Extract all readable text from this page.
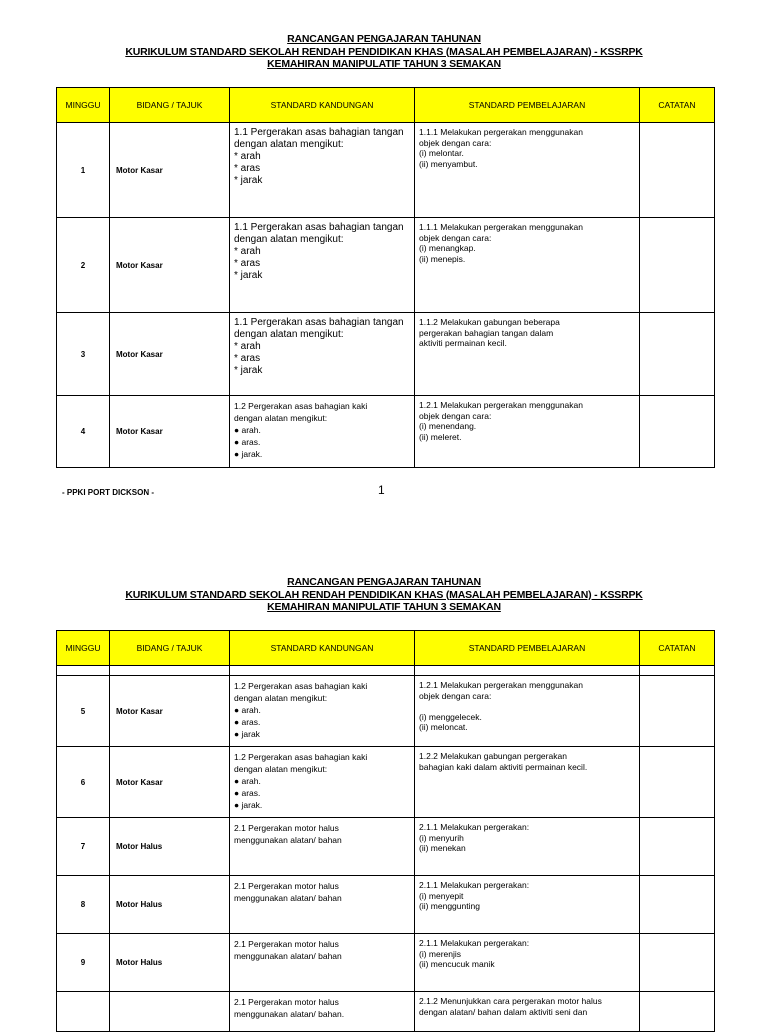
RANCANGAN PENGAJARAN TAHUNAN
KURIKULUM STANDARD SEKOLAH RENDAH PENDIDIKAN KHAS (MASALAH PEMBELAJARAN) - KSSRPK
KEMAHIRAN MANIPULATIF TAHUN 3 SEMAKAN
MINGGU	BIDANG / TAJUK	STANDARD KANDUNGAN	STANDARD PEMBELAJARAN	CATATAN
1	Motor Kasar	1.1 Pergerakan asas bahagian tangan
dengan alatan mengikut:
* arah
* aras
* jarak	1.1.1 Melakukan pergerakan menggunakan
objek dengan cara:
(i) melontar.
(ii) menyambut.	

2	Motor Kasar	1.1 Pergerakan asas bahagian tangan
dengan alatan mengikut:
* arah
* aras
* jarak	1.1.1 Melakukan pergerakan menggunakan
objek dengan cara:
(i) menangkap.
(ii) menepis.	

3	Motor Kasar	1.1 Pergerakan asas bahagian tangan
dengan alatan mengikut:
* arah
* aras
* jarak	1.1.2 Melakukan gabungan beberapa
pergerakan bahagian tangan dalam
aktiviti permainan kecil.	

4	Motor Kasar	1.2 Pergerakan asas bahagian kaki
dengan alatan mengikut:
● arah.
● aras.
● jarak.	1.2.1 Melakukan pergerakan menggunakan
objek dengan cara:
(i) menendang.
(ii) meleret.	

- PPKI PORT DICKSON -	1
RANCANGAN PENGAJARAN TAHUNAN
KURIKULUM STANDARD SEKOLAH RENDAH PENDIDIKAN KHAS (MASALAH PEMBELAJARAN) - KSSRPK
KEMAHIRAN MANIPULATIF TAHUN 3 SEMAKAN
MINGGU	BIDANG / TAJUK	STANDARD KANDUNGAN	STANDARD PEMBELAJARAN	CATATAN

5	Motor Kasar	1.2 Pergerakan asas bahagian kaki
dengan alatan mengikut:
● arah.
● aras.
● jarak	1.2.1 Melakukan pergerakan menggunakan
objek dengan cara:

(i) menggelecek.
(ii) meloncat.	

6	Motor Kasar	1.2 Pergerakan asas bahagian kaki
dengan alatan mengikut:
● arah.
● aras.
● jarak.	1.2.2 Melakukan gabungan pergerakan
bahagian kaki dalam aktiviti permainan kecil.	

7	Motor Halus	2.1 Pergerakan motor halus
menggunakan alatan/ bahan	2.1.1 Melakukan pergerakan:
(i) menyurih
(ii) menekan	

8	Motor Halus	2.1 Pergerakan motor halus
menggunakan alatan/ bahan	2.1.1 Melakukan pergerakan:
(i) menyepit
(ii) menggunting	

9	Motor Halus	2.1 Pergerakan motor halus
menggunakan alatan/ bahan	2.1.1 Melakukan pergerakan:
(i) merenjis
(ii) mencucuk manik	

		2.1 Pergerakan motor halus
menggunakan alatan/ bahan.	2.1.2 Menunjukkan cara pergerakan motor halus
dengan alatan/ bahan dalam aktiviti seni dan	
